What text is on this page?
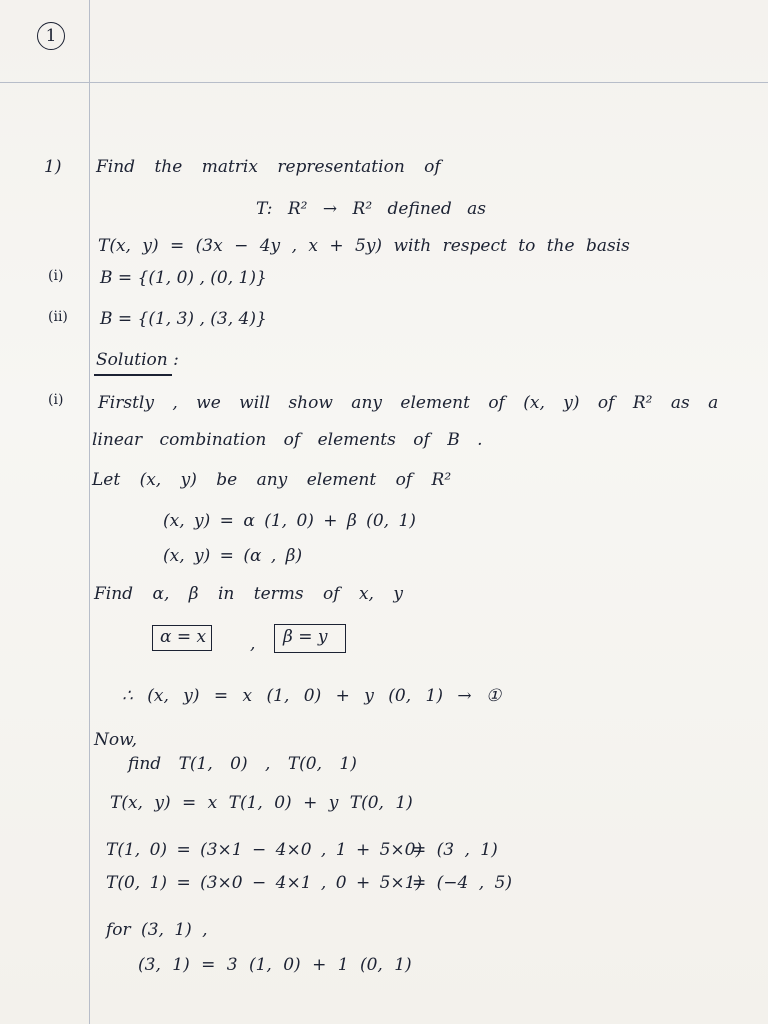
1
1) Find the matrix representation of
T: R² → R² defined as
T(x, y) = (3x − 4y , x + 5y) with respect to the basis
(i) B = {(1, 0) , (0, 1)}
(ii) B = {(1, 3) , (3, 4)}
Solution :
(i) Firstly , we will show any element of (x, y) of R² as a
linear combination of elements of B .
Let (x, y) be any element of R²
(x, y) = α (1, 0) + β (0, 1)
(x, y) = (α , β)
Find α, β in terms of x, y
α = x	, β = y
∴ (x, y) = x (1, 0) + y (0, 1) → ①
Now,
find T(1, 0) , T(0, 1)
T(x, y) = x T(1, 0) + y T(0, 1)
T(1, 0) = (3×1 − 4×0 , 1 + 5×0)
= (3 , 1)
T(0, 1) = (3×0 − 4×1 , 0 + 5×1)
= (−4 , 5)
for (3, 1) ,
(3, 1) = 3 (1, 0) + 1 (0, 1)
